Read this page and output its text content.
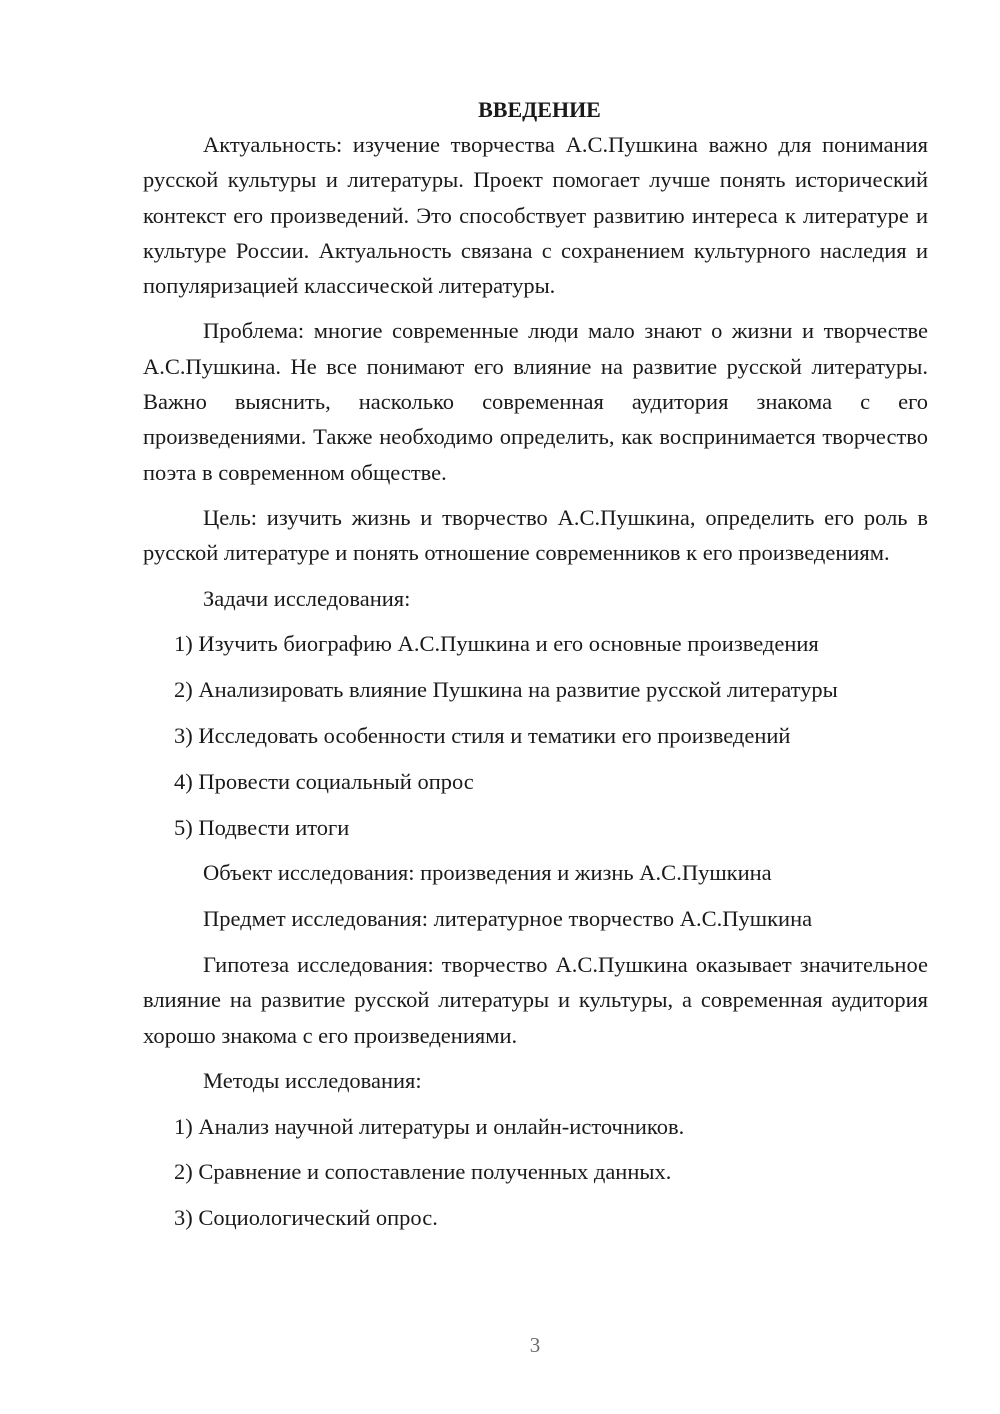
ВВЕДЕНИЕ

Актуальность: изучение творчества А.С.Пушкина важно для понимания русской культуры и литературы. Проект помогает лучше понять исторический контекст его произведений. Это способствует развитию интереса к литературе и культуре России. Актуальность связана с сохранением культурного наследия и популяризацией классической литературы.

Проблема: многие современные люди мало знают о жизни и творчестве А.С.Пушкина. Не все понимают его влияние на развитие русской литературы. Важно выяснить, насколько современная аудитория знакома с его произведениями. Также необходимо определить, как воспринимается творчество поэта в современном обществе.

Цель: изучить жизнь и творчество А.С.Пушкина, определить его роль в русской литературе и понять отношение современников к его произведениям.

Задачи исследования:
1) Изучить биографию А.С.Пушкина и его основные произведения
2) Анализировать влияние Пушкина на развитие русской литературы
3) Исследовать особенности стиля и тематики его произведений
4) Провести социальный опрос
5) Подвести итоги
Объект исследования: произведения и жизнь А.С.Пушкина
Предмет исследования: литературное творчество А.С.Пушкина

Гипотеза исследования: творчество А.С.Пушкина оказывает значительное влияние на развитие русской литературы и культуры, а современная аудитория хорошо знакома с его произведениями.

Методы исследования:
1) Анализ научной литературы и онлайн-источников.
2) Сравнение и сопоставление полученных данных.
3) Социологический опрос.
3
